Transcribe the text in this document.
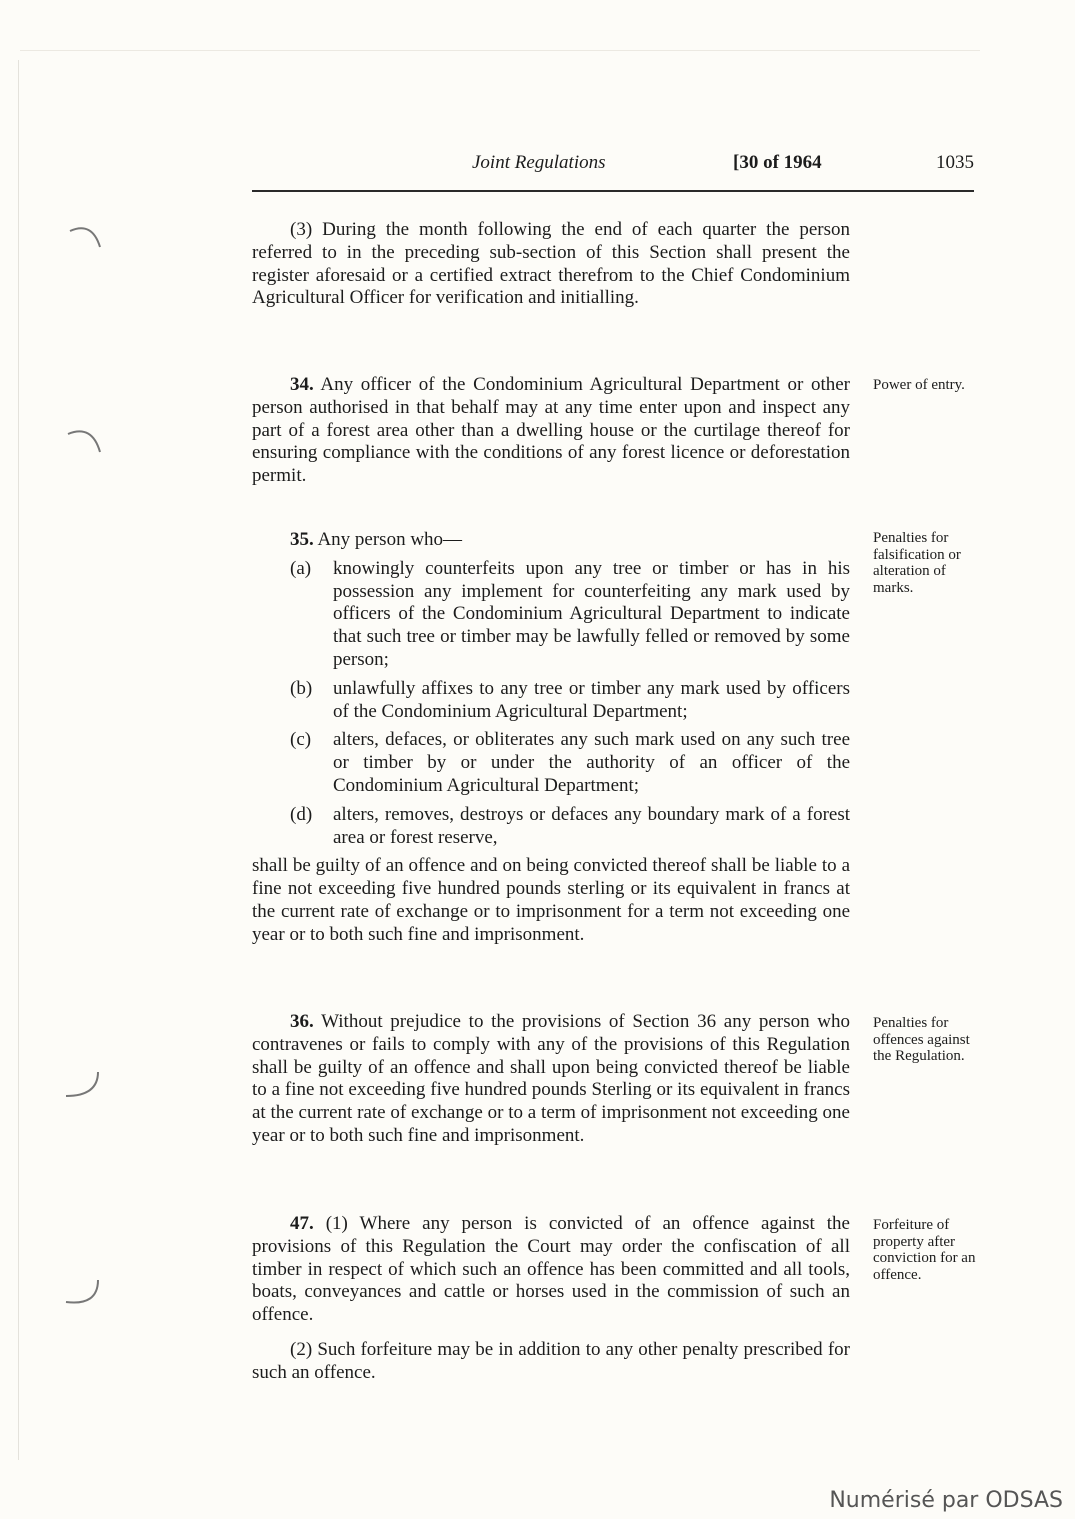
Joint Regulations	[30 of 1964	1035

(3) During the month following the end of each quarter the person referred to in the preceding sub-section of this Section shall present the register aforesaid or a certified extract therefrom to the Chief Condominium Agricultural Officer for verification and initialling.

34. Any officer of the Condominium Agricultural Department or other person authorised in that behalf may at any time enter upon and inspect any part of a forest area other than a dwelling house or the curtilage thereof for ensuring compliance with the conditions of any forest licence or deforestation permit.

Power of entry.

35. Any person who—

(a)	knowingly counterfeits upon any tree or timber or has in his possession any implement for counterfeiting any mark used by officers of the Condominium Agricultural Department to indicate that such tree or timber may be lawfully felled or removed by some person;
(b)	unlawfully affixes to any tree or timber any mark used by officers of the Condominium Agricultural Department;
(c)	alters, defaces, or obliterates any such mark used on any such tree or timber by or under the authority of an officer of the Condominium Agricultural Department;
(d)	alters, removes, destroys or defaces any boundary mark of a forest area or forest reserve,

shall be guilty of an offence and on being convicted thereof shall be liable to a fine not exceeding five hundred pounds sterling or its equivalent in francs at the current rate of exchange or to imprisonment for a term not exceeding one year or to both such fine and imprisonment.

Penalties for falsification or alteration of marks.

36. Without prejudice to the provisions of Section 36 any person who contravenes or fails to comply with any of the provisions of this Regulation shall be guilty of an offence and shall upon being convicted thereof be liable to a fine not exceeding five hundred pounds Sterling or its equivalent in francs at the current rate of exchange or to a term of imprisonment not exceeding one year or to both such fine and imprisonment.

Penalties for offences against the Regulation.

47. (1) Where any person is convicted of an offence against the provisions of this Regulation the Court may order the confiscation of all timber in respect of which such an offence has been committed and all tools, boats, conveyances and cattle or horses used in the commission of such an offence.

(2) Such forfeiture may be in addition to any other penalty prescribed for such an offence.

Forfeiture of property after conviction for an offence.
Numérisé par ODSAS
